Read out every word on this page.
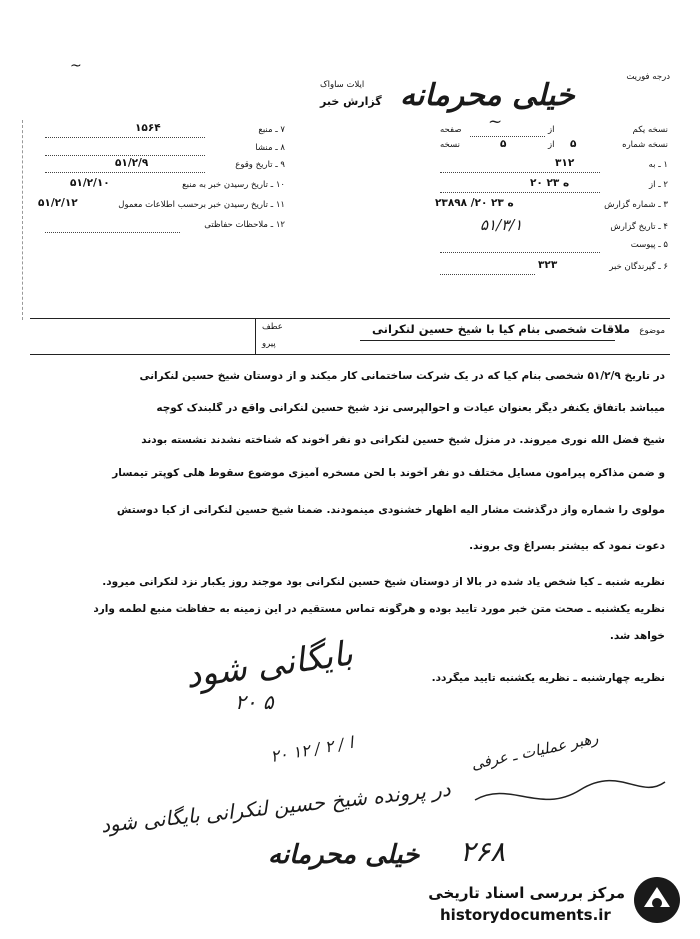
~
درجه فوریت
خیلی محرمانه
ایلات ساواک
گزارش خبر
نسخه یکم
از
صفحه ~
نسخه شماره
۵
از
۵
نسخه
۱ ـ به
۳۱۲
۲ ـ از
۲۰ ه ۲۳
۳ ـ شماره گزارش
۲۳۸۹۸ /۲۰ ه ۲۳
۴ ـ تاریخ گزارش
۵۱/۳/۱
۵ ـ پیوست
۶ ـ گیرندگان خبر
۳۲۳
۷ ـ منبع
۱۵۶۴
۸ ـ منشا
۹ ـ تاریخ وقوع
۵۱/۲/۹
۱۰ ـ تاریخ رسیدن خبر به منبع
۵۱/۲/۱۰
۱۱ ـ تاریخ رسیدن خبر برحسب اطلاعات معمول
۵۱/۲/۱۲
۱۲ ـ ملاحظات حفاظتی
موضوع
ملاقات شخصی بنام کیا با شیخ حسین لنکرانی
عطف
پیرو
در تاریخ ۵۱/۲/۹ شخصی بنام کیا که در یک شرکت ساختمانی کار میکند و از دوستان شیخ حسین لنکرانی
میباشد باتفاق یکنفر دیگر بعنوان عیادت و احوالپرسی نزد شیخ حسین لنکرانی واقع در گلبندک کوچه
شیخ فضل الله نوری میروند. در منزل شیخ حسین لنکرانی دو نفر آخوند که شناخته نشدند نشسته بودند
و ضمن مذاکره پیرامون مسایل مختلف دو نفر آخوند با لحن مسخره آمیزی موضوع سقوط هلی کوپتر تیمسار
مولوی را شماره واز درگذشت مشار الیه اظهار خشنودی مینمودند. ضمنا شیخ حسین لنکرانی از کیا دوستش
دعوت نمود که بیشتر بسراغ وی بروند.
نظریه شنبه ـ کیا شخص یاد شده در بالا از دوستان شیخ حسین لنکرانی بود موجند روز یکبار نزد لنکرانی میرود.
نظریه یکشنبه ـ صحت متن خبر مورد تایید بوده و هرگونه تماس مستقیم در این زمینه به حفاظت منبع لطمه وارد
خواهد شد.
نظریه چهارشنبه ـ نظریه یکشنبه تایید میگردد.
بایگانی شود
۲۰ ۵
۲۰ ا / ۲ / ۱۲	رهبر عملیات ـ عرفی
در پرونده شیخ حسین لنکرانی بایگانی شود
۲۶۸
خیلی محرمانه
مرکز بررسی اسناد تاریخی
historydocuments.ir
